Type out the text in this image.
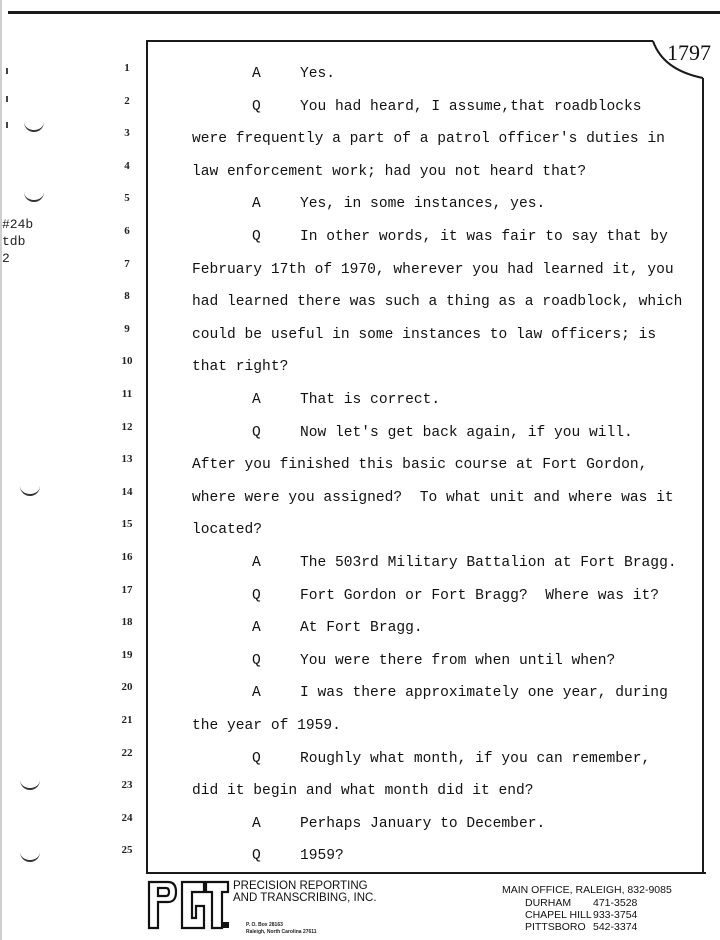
#24b
tdb
2
1797
1
2
3
4
5
6
7
8
9
10
11
12
13
14
15
16
17
18
19
20
21
22
23
24
25
A	Yes.
Q	You had heard, I assume,that roadblocks
were frequently a part of a patrol officer's duties in
law enforcement work; had you not heard that?
A	Yes, in some instances, yes.
Q	In other words, it was fair to say that by
February 17th of 1970, wherever you had learned it, you
had learned there was such a thing as a roadblock, which
could be useful in some instances to law officers; is
that right?
A	That is correct.
Q	Now let's get back again, if you will.
After you finished this basic course at Fort Gordon,
where were you assigned?  To what unit and where was it
located?
A	The 503rd Military Battalion at Fort Bragg.
Q	Fort Gordon or Fort Bragg?  Where was it?
A	At Fort Bragg.
Q	You were there from when until when?
A	I was there approximately one year, during
the year of 1959.
Q	Roughly what month, if you can remember,
did it begin and what month did it end?
A	Perhaps January to December.
Q	1959?
PRECISION REPORTING
AND TRANSCRIBING, INC.
P. O. Box 28163
Raleigh, North Carolina 27611
MAIN OFFICE, RALEIGH, 832-9085
DURHAM 471-3528
CHAPEL HILL933-3754
PITTSBORO 542-3374
